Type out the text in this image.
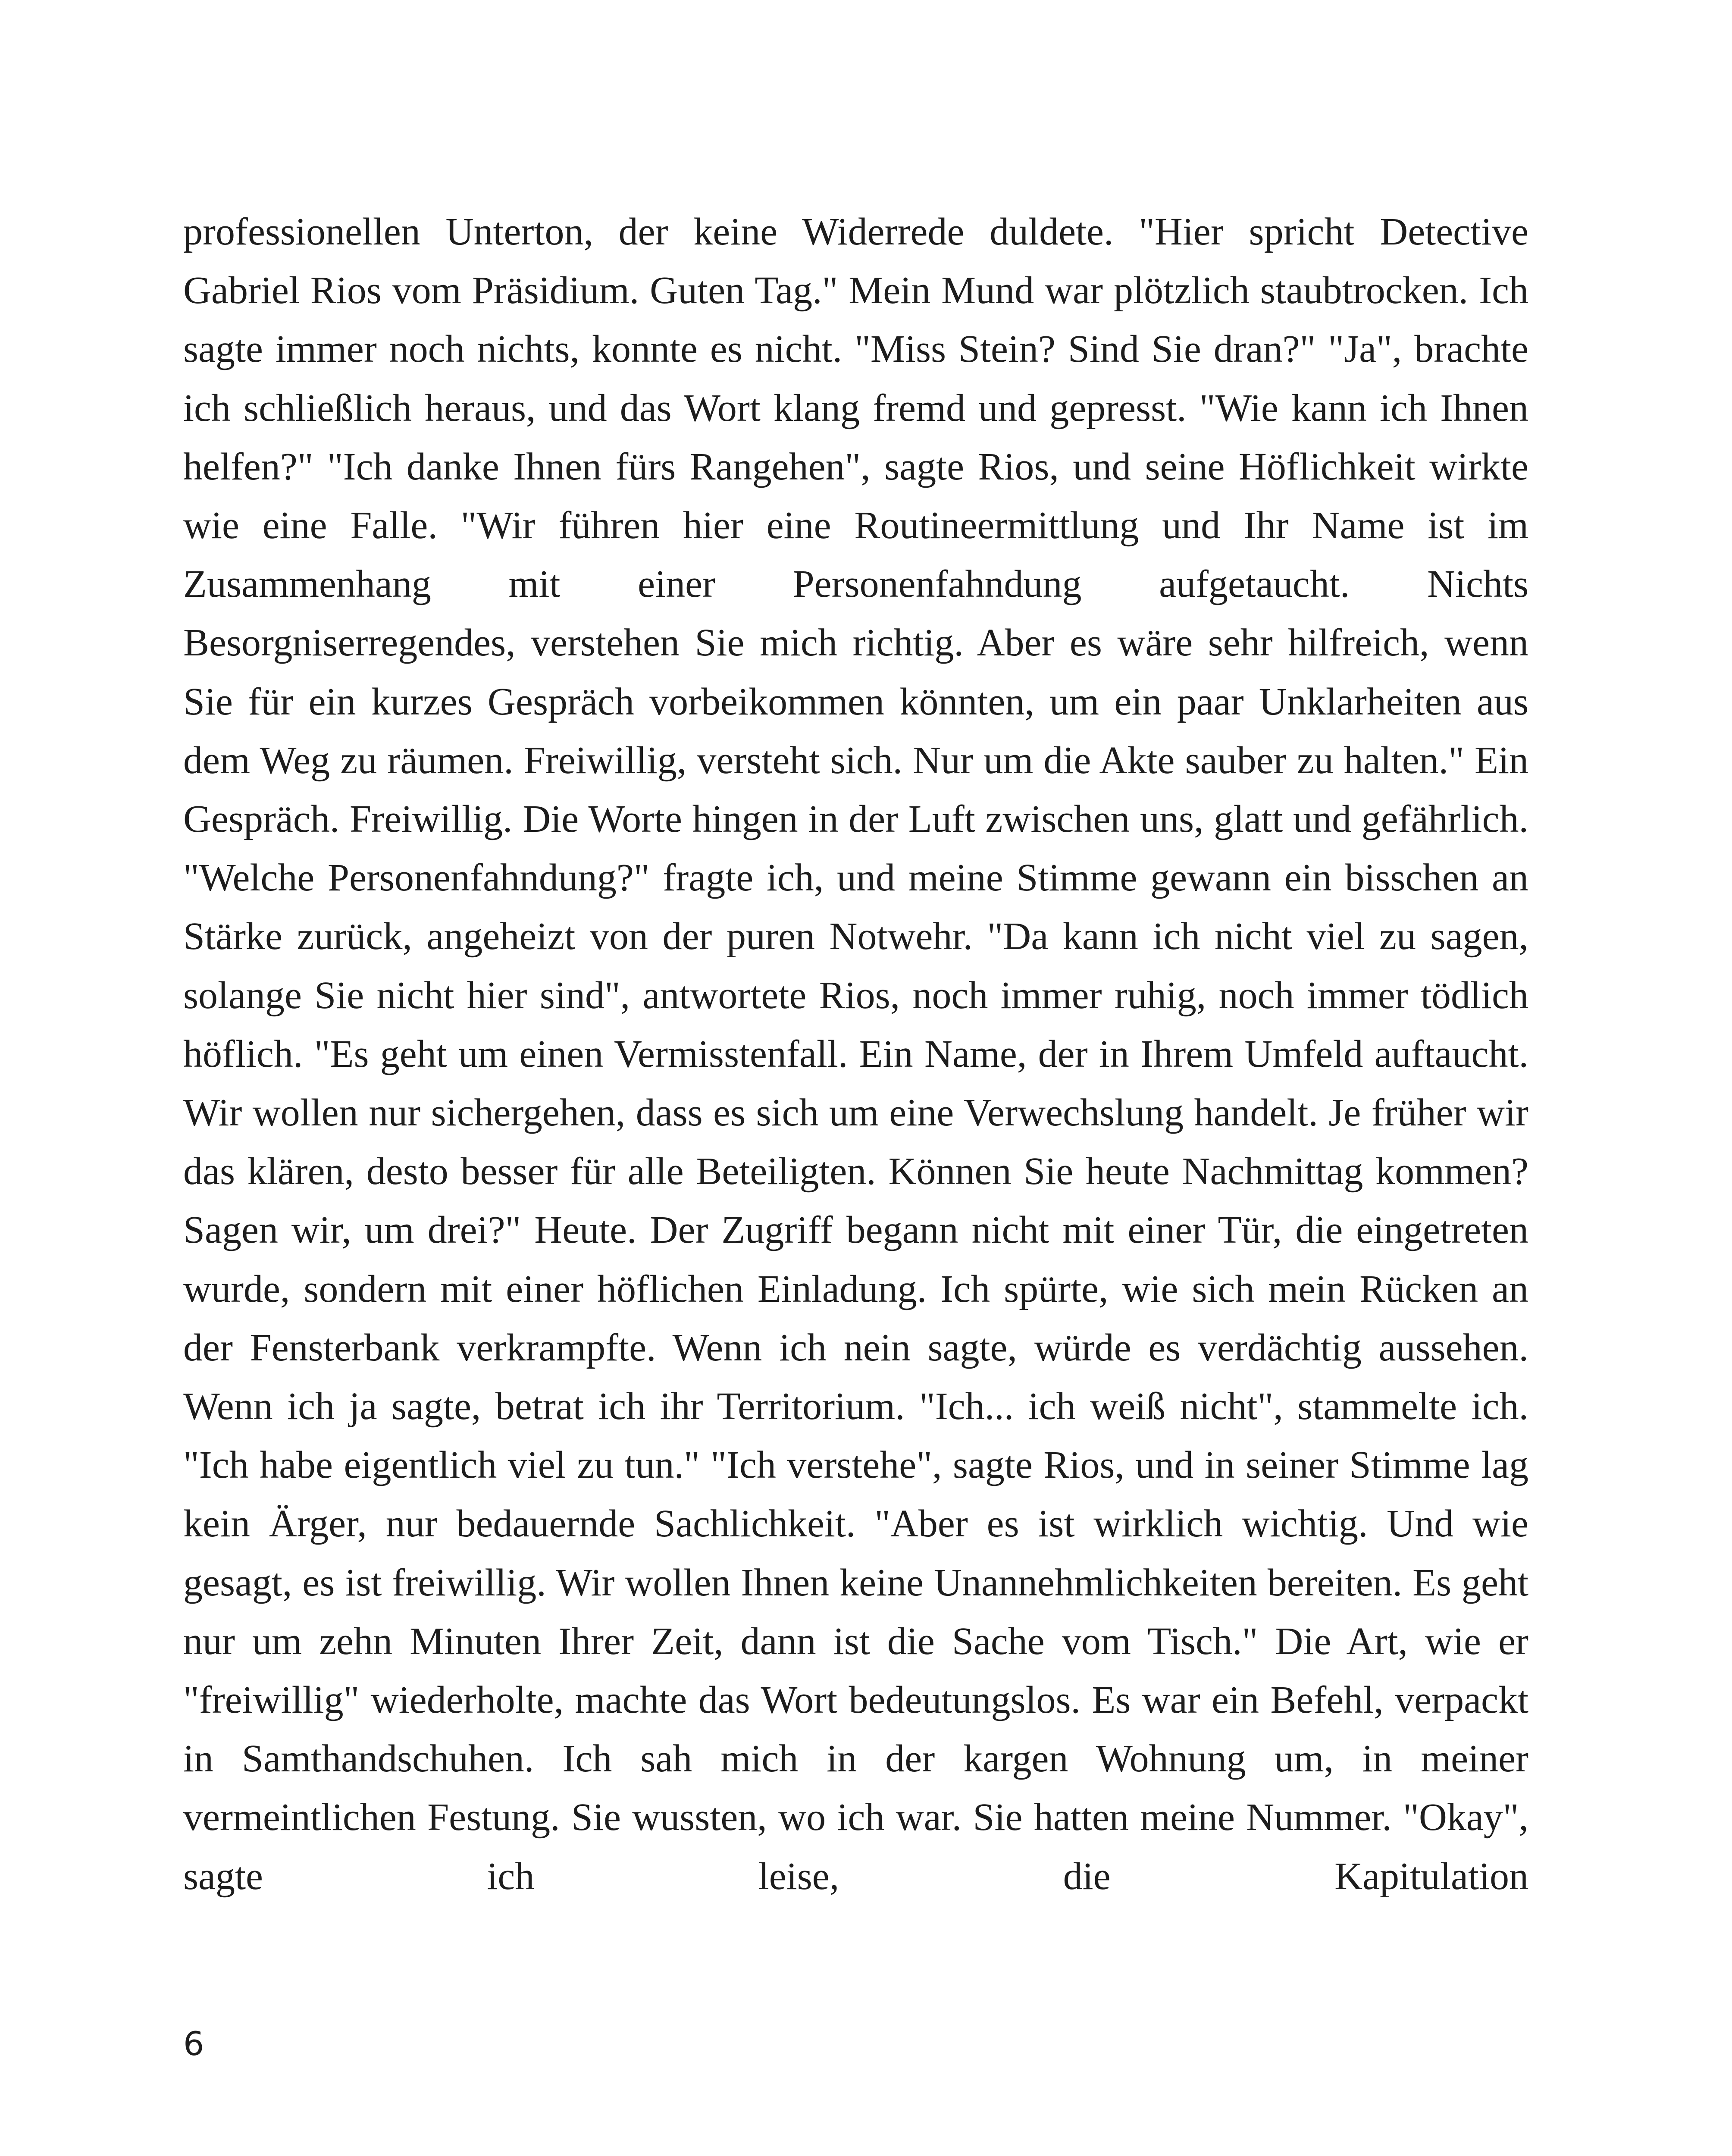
professionellen Unterton, der keine Widerrede duldete. "Hier spricht Detective Gabriel Rios vom Präsidium. Guten Tag." Mein Mund war plötzlich staubtrocken. Ich sagte immer noch nichts, konnte es nicht. "Miss Stein? Sind Sie dran?" "Ja", brachte ich schließlich heraus, und das Wort klang fremd und gepresst. "Wie kann ich Ihnen helfen?" "Ich danke Ihnen fürs Rangehen", sagte Rios, und seine Höflichkeit wirkte wie eine Falle. "Wir führen hier eine Routineermittlung und Ihr Name ist im Zusammenhang mit einer Personenfahndung aufgetaucht. Nichts Besorgniserregendes, verstehen Sie mich richtig. Aber es wäre sehr hilfreich, wenn Sie für ein kurzes Gespräch vorbeikommen könnten, um ein paar Unklarheiten aus dem Weg zu räumen. Freiwillig, versteht sich. Nur um die Akte sauber zu halten." Ein Gespräch. Freiwillig. Die Worte hingen in der Luft zwischen uns, glatt und gefährlich. "Welche Personenfahndung?" fragte ich, und meine Stimme gewann ein bisschen an Stärke zurück, angeheizt von der puren Notwehr. "Da kann ich nicht viel zu sagen, solange Sie nicht hier sind", antwortete Rios, noch immer ruhig, noch immer tödlich höflich. "Es geht um einen Vermisstenfall. Ein Name, der in Ihrem Umfeld auftaucht. Wir wollen nur sichergehen, dass es sich um eine Verwechslung handelt. Je früher wir das klären, desto besser für alle Beteiligten. Können Sie heute Nachmittag kommen? Sagen wir, um drei?" Heute. Der Zugriff begann nicht mit einer Tür, die eingetreten wurde, sondern mit einer höflichen Einladung. Ich spürte, wie sich mein Rücken an der Fensterbank verkrampfte. Wenn ich nein sagte, würde es verdächtig aussehen. Wenn ich ja sagte, betrat ich ihr Territorium. "Ich... ich weiß nicht", stammelte ich. "Ich habe eigentlich viel zu tun." "Ich verstehe", sagte Rios, und in seiner Stimme lag kein Ärger, nur bedauernde Sachlichkeit. "Aber es ist wirklich wichtig. Und wie gesagt, es ist freiwillig. Wir wollen Ihnen keine Unannehmlichkeiten bereiten. Es geht nur um zehn Minuten Ihrer Zeit, dann ist die Sache vom Tisch." Die Art, wie er "freiwillig" wiederholte, machte das Wort bedeutungslos. Es war ein Befehl, verpackt in Samthandschuhen. Ich sah mich in der kargen Wohnung um, in meiner vermeintlichen Festung. Sie wussten, wo ich war. Sie hatten meine Nummer. "Okay", sagte ich leise, die Kapitulation

6
